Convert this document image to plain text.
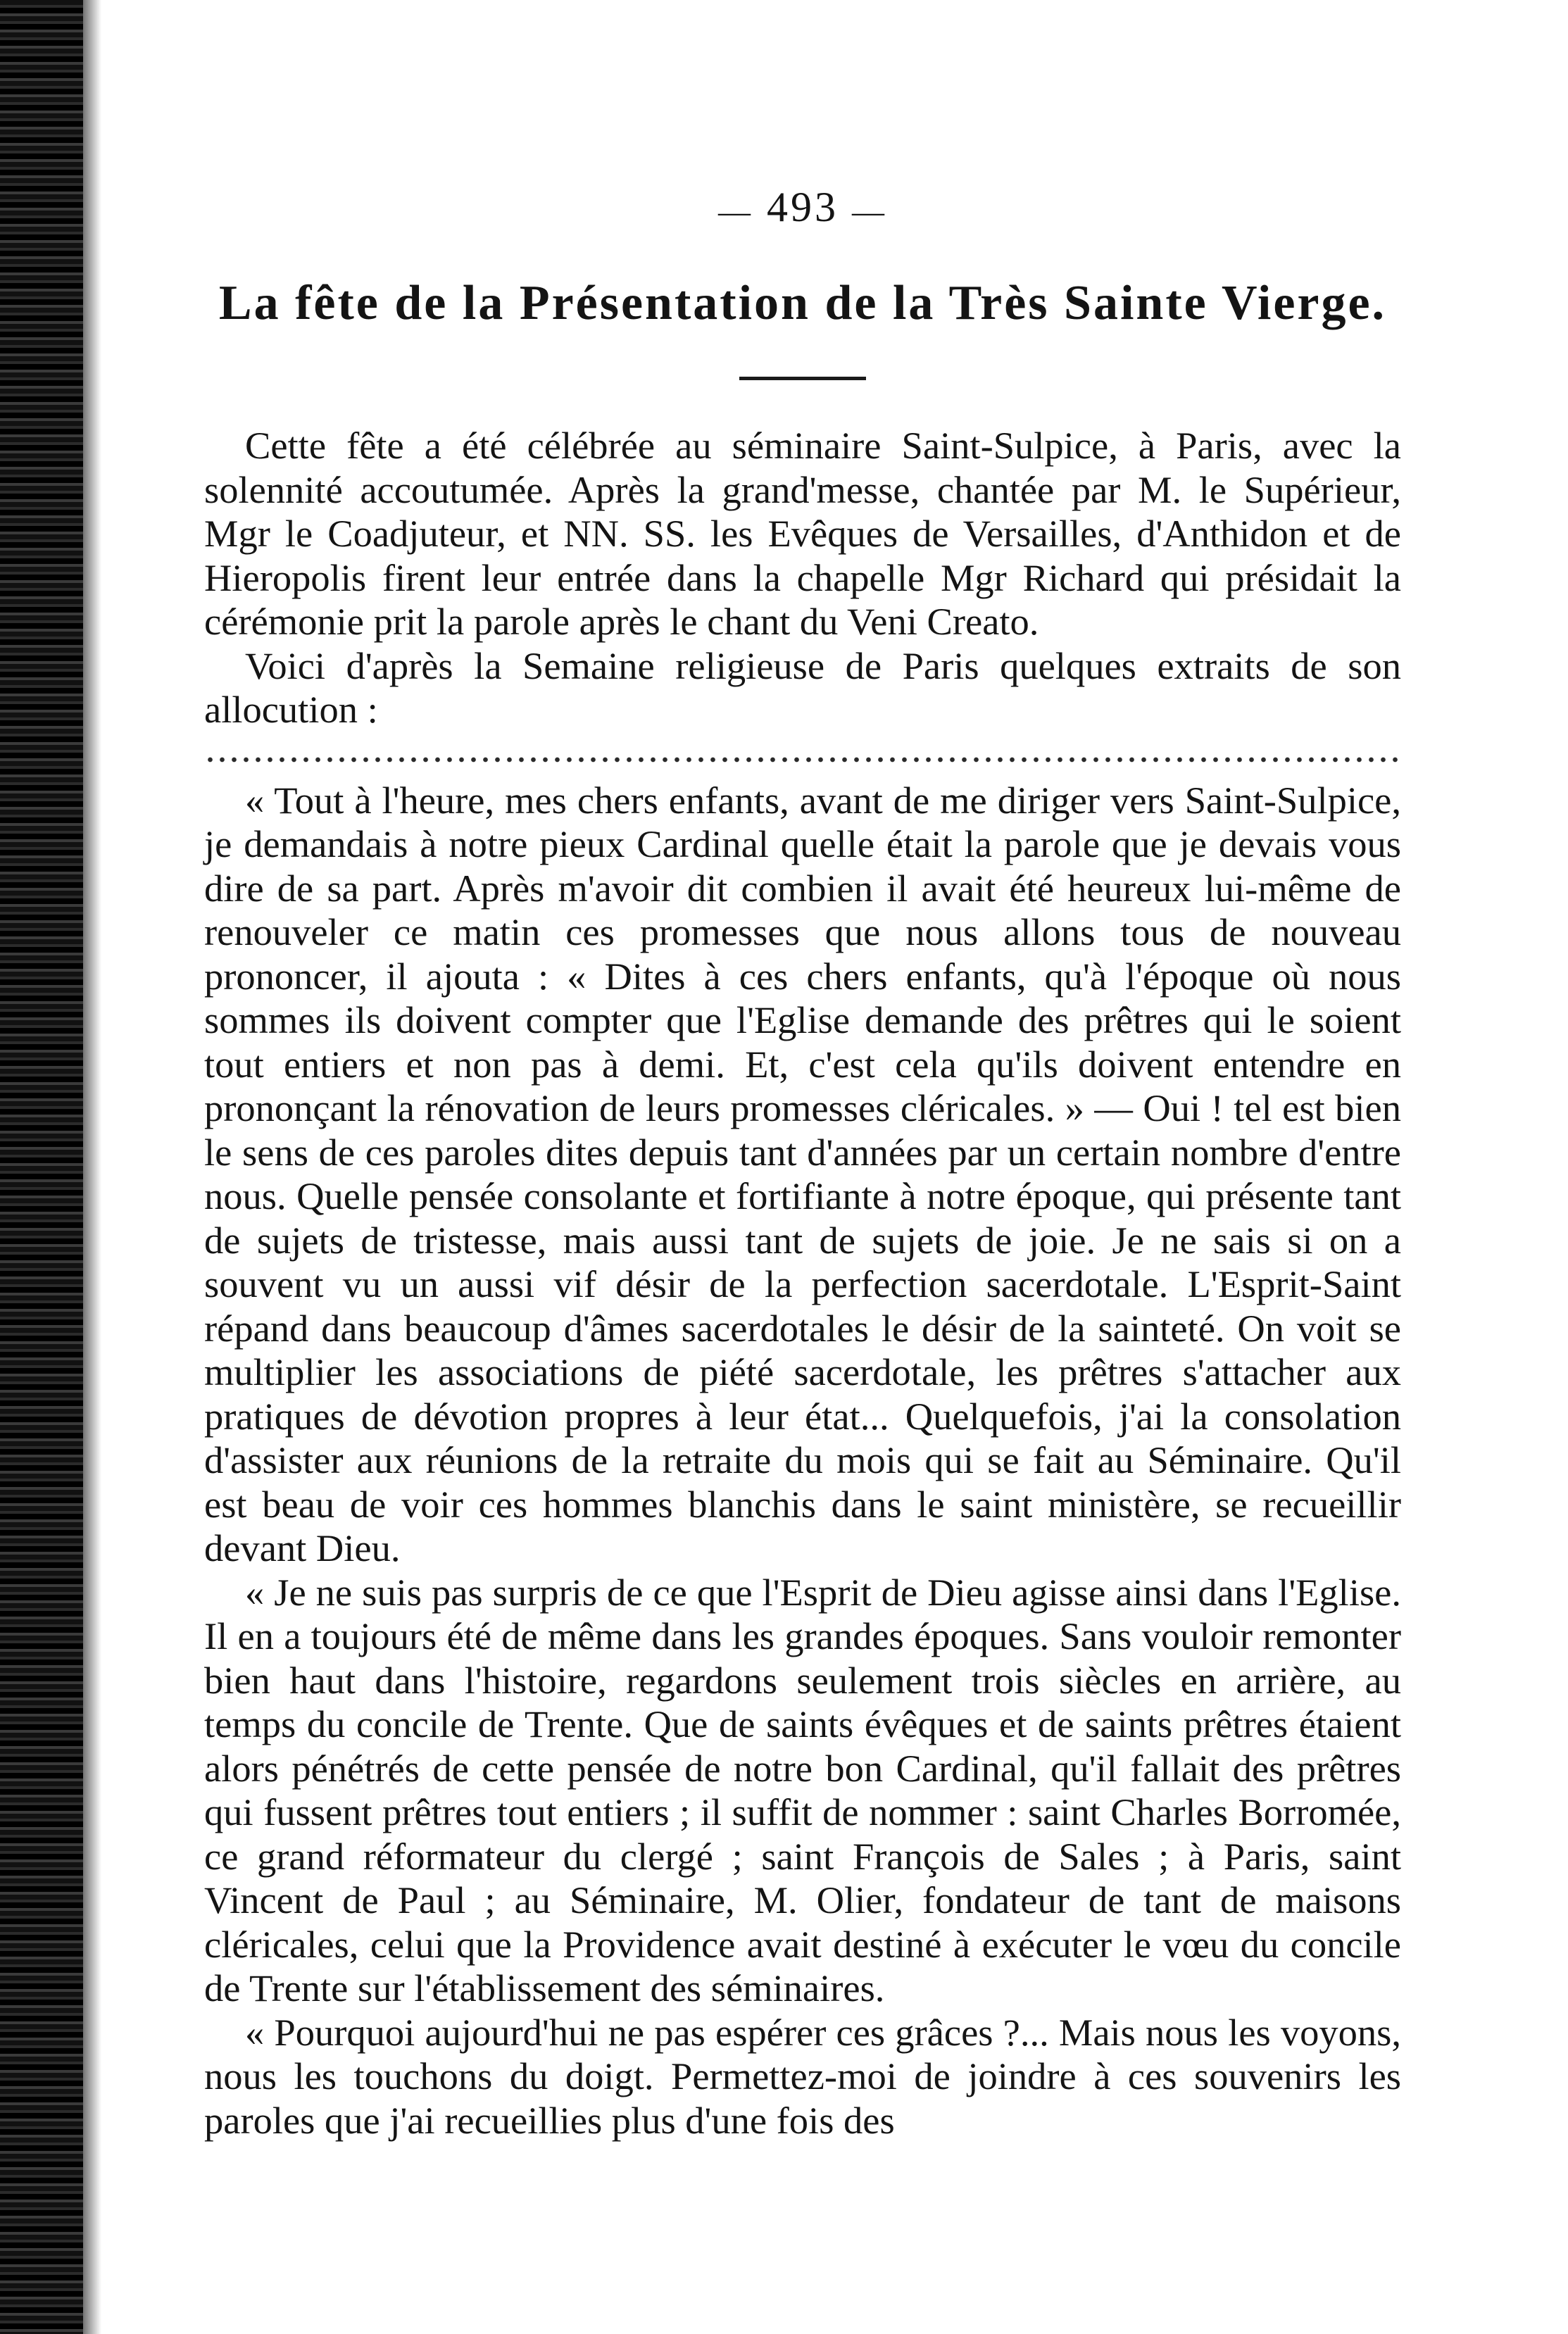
— 493 —
La fête de la Présentation de la Très Sainte Vierge.

Cette fête a été célébrée au séminaire Saint-Sulpice, à Paris, avec la solennité accoutumée. Après la grand'messe, chantée par M. le Supérieur, Mgr le Coadjuteur, et NN. SS. les Evêques de Versailles, d'Anthidon et de Hieropolis firent leur entrée dans la chapelle Mgr Richard qui présidait la cérémonie prit la parole après le chant du Veni Creato.

Voici d'après la Semaine religieuse de Paris quelques extraits de son allocution :

« Tout à l'heure, mes chers enfants, avant de me diriger vers Saint-Sulpice, je demandais à notre pieux Cardinal quelle était la parole que je devais vous dire de sa part. Après m'avoir dit combien il avait été heureux lui-même de renouveler ce matin ces promesses que nous allons tous de nouveau prononcer, il ajouta : « Dites à ces chers enfants, qu'à l'époque où nous sommes ils doivent compter que l'Eglise demande des prêtres qui le soient tout entiers et non pas à demi. Et, c'est cela qu'ils doivent entendre en prononçant la rénovation de leurs promesses cléricales. » — Oui ! tel est bien le sens de ces paroles dites depuis tant d'années par un certain nombre d'entre nous. Quelle pensée consolante et fortifiante à notre époque, qui présente tant de sujets de tristesse, mais aussi tant de sujets de joie. Je ne sais si on a souvent vu un aussi vif désir de la perfection sacerdotale. L'Esprit-Saint répand dans beaucoup d'âmes sacerdotales le désir de la sainteté. On voit se multiplier les associations de piété sacerdotale, les prêtres s'attacher aux pratiques de dévotion propres à leur état... Quelquefois, j'ai la consolation d'assister aux réunions de la retraite du mois qui se fait au Séminaire. Qu'il est beau de voir ces hommes blanchis dans le saint ministère, se recueillir devant Dieu.

« Je ne suis pas surpris de ce que l'Esprit de Dieu agisse ainsi dans l'Eglise. Il en a toujours été de même dans les grandes époques. Sans vouloir remonter bien haut dans l'histoire, regardons seulement trois siècles en arrière, au temps du concile de Trente. Que de saints évêques et de saints prêtres étaient alors pénétrés de cette pensée de notre bon Cardinal, qu'il fallait des prêtres qui fussent prêtres tout entiers ; il suffit de nommer : saint Charles Borromée, ce grand réformateur du clergé ; saint François de Sales ; à Paris, saint Vincent de Paul ; au Séminaire, M. Olier, fondateur de tant de maisons cléricales, celui que la Providence avait destiné à exécuter le vœu du concile de Trente sur l'établissement des séminaires.

« Pourquoi aujourd'hui ne pas espérer ces grâces ?... Mais nous les voyons, nous les touchons du doigt. Permettez-moi de joindre à ces souvenirs les paroles que j'ai recueillies plus d'une fois des
